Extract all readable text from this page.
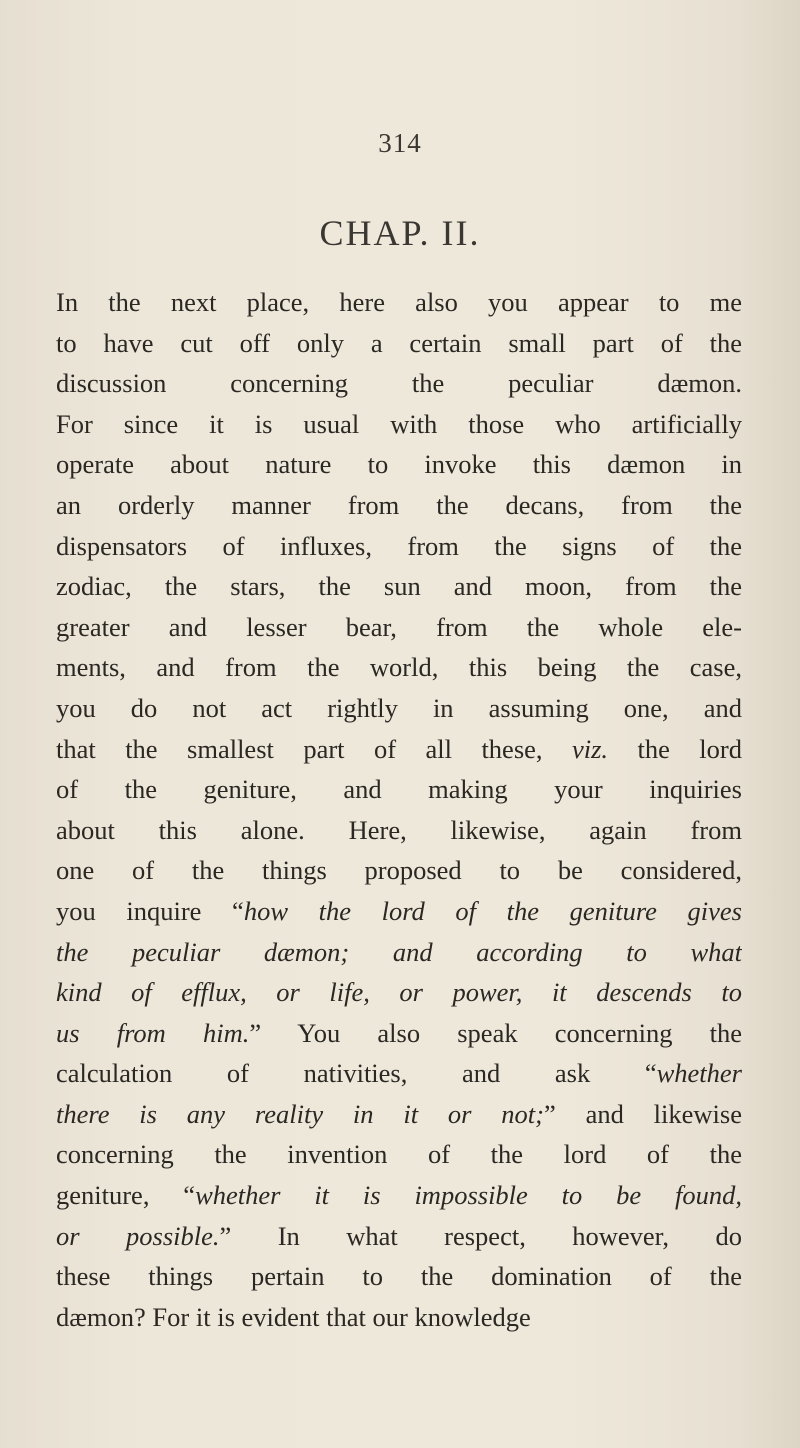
314
CHAP. II.
In the next place, here also you appear to me
to have cut off only a certain small part of the
discussion concerning the peculiar dæmon.
For since it is usual with those who artificially
operate about nature to invoke this dæmon in
an orderly manner from the decans, from the
dispensators of influxes, from the signs of the
zodiac, the stars, the sun and moon, from the
greater and lesser bear, from the whole ele-
ments, and from the world, this being the case,
you do not act rightly in assuming one, and
that the smallest part of all these, viz. the lord
of the geniture, and making your inquiries
about this alone. Here, likewise, again from
one of the things proposed to be considered,
you inquire “how the lord of the geniture gives
the peculiar dæmon; and according to what
kind of efflux, or life, or power, it descends to
us from him.” You also speak concerning the
calculation of nativities, and ask “whether
there is any reality in it or not;” and likewise
concerning the invention of the lord of the
geniture, “whether it is impossible to be found,
or possible.” In what respect, however, do
these things pertain to the domination of the
dæmon? For it is evident that our knowledge
